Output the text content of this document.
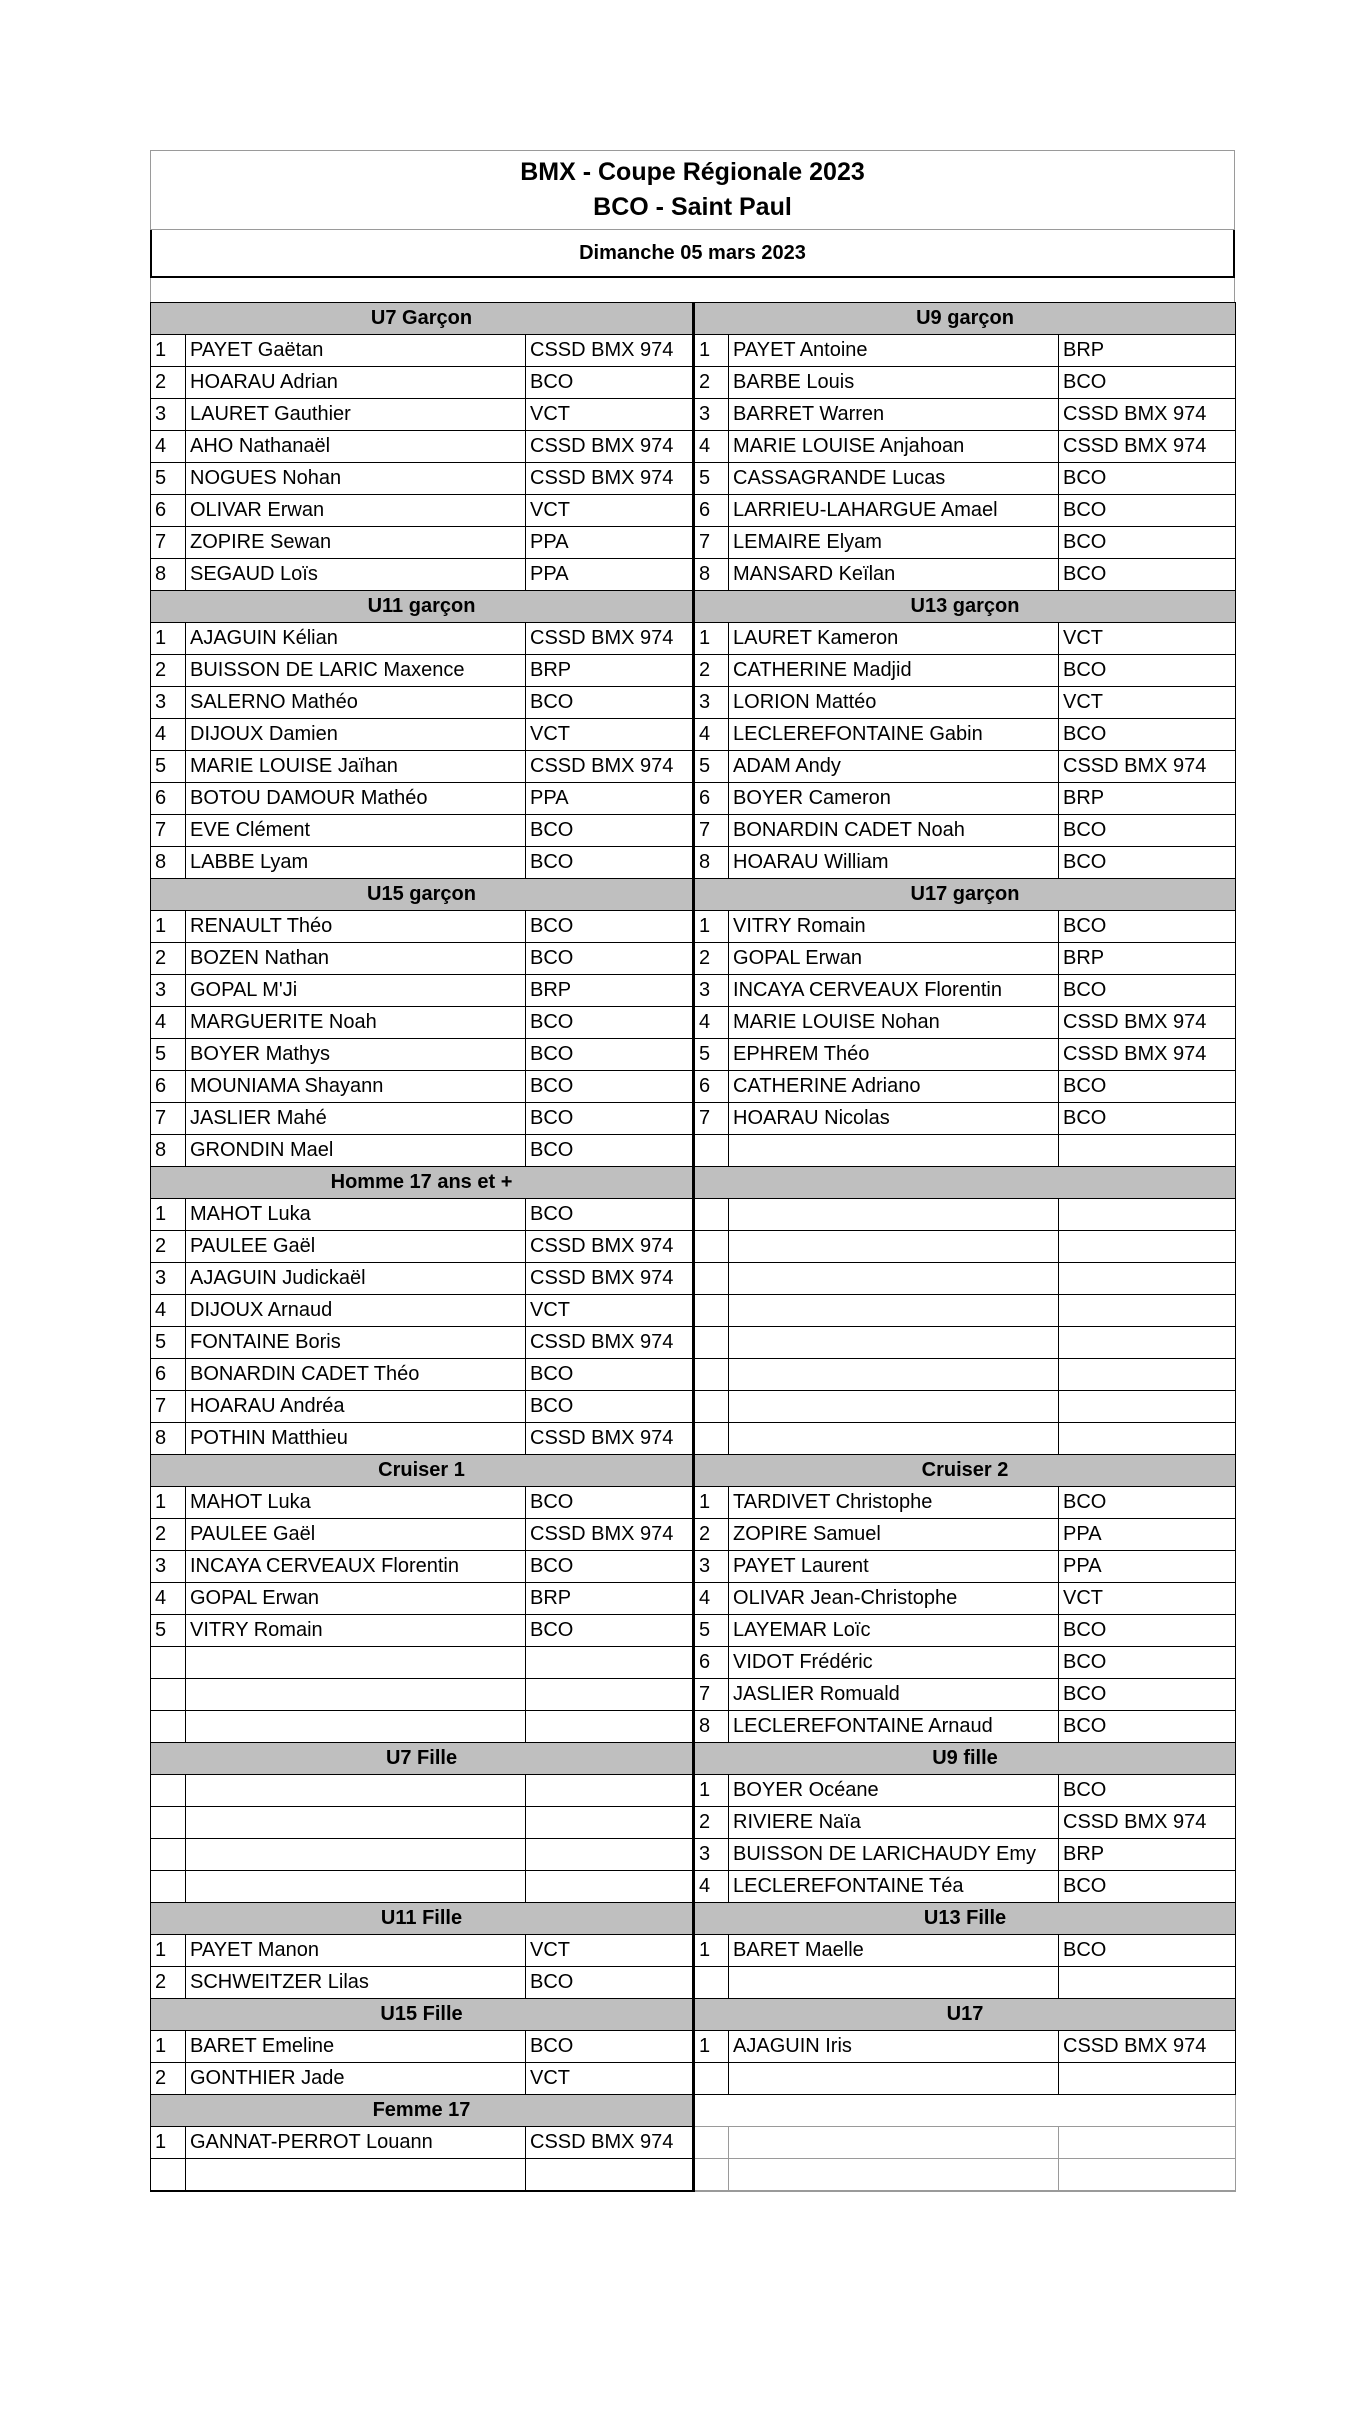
BMX - Coupe Régionale 2023
BCO - Saint Paul
Dimanche 05 mars 2023
U7 Garçon			U9 garçon		
1	PAYET Gaëtan	CSSD BMX 974	1	PAYET Antoine	BRP
2	HOARAU Adrian	BCO	2	BARBE Louis	BCO
3	LAURET Gauthier	VCT	3	BARRET Warren	CSSD BMX 974
4	AHO Nathanaël	CSSD BMX 974	4	MARIE LOUISE Anjahoan	CSSD BMX 974
5	NOGUES Nohan	CSSD BMX 974	5	CASSAGRANDE Lucas	BCO
6	OLIVAR Erwan	VCT	6	LARRIEU-LAHARGUE Amael	BCO
7	ZOPIRE Sewan	PPA	7	LEMAIRE Elyam	BCO
8	SEGAUD Loïs	PPA	8	MANSARD Keïlan	BCO
U11 garçon			U13 garçon		
1	AJAGUIN Kélian	CSSD BMX 974	1	LAURET Kameron	VCT
2	BUISSON DE LARIC Maxence	BRP	2	CATHERINE Madjid	BCO
3	SALERNO Mathéo	BCO	3	LORION Mattéo	VCT
4	DIJOUX Damien	VCT	4	LECLEREFONTAINE Gabin	BCO
5	MARIE LOUISE Jaïhan	CSSD BMX 974	5	ADAM Andy	CSSD BMX 974
6	BOTOU DAMOUR Mathéo	PPA	6	BOYER Cameron	BRP
7	EVE Clément	BCO	7	BONARDIN CADET Noah	BCO
8	LABBE Lyam	BCO	8	HOARAU William	BCO
U15 garçon			U17 garçon		
1	RENAULT Théo	BCO	1	VITRY Romain	BCO
2	BOZEN Nathan	BCO	2	GOPAL Erwan	BRP
3	GOPAL M'Ji	BRP	3	INCAYA CERVEAUX Florentin	BCO
4	MARGUERITE Noah	BCO	4	MARIE LOUISE Nohan	CSSD BMX 974
5	BOYER Mathys	BCO	5	EPHREM Théo	CSSD BMX 974
6	MOUNIAMA Shayann	BCO	6	CATHERINE Adriano	BCO
7	JASLIER Mahé	BCO	7	HOARAU Nicolas	BCO
8	GRONDIN Mael	BCO			
Homme 17 ans et +					
1	MAHOT Luka	BCO			
2	PAULEE Gaël	CSSD BMX 974			
3	AJAGUIN Judickaël	CSSD BMX 974			
4	DIJOUX Arnaud	VCT			
5	FONTAINE Boris	CSSD BMX 974			
6	BONARDIN CADET Théo	BCO			
7	HOARAU Andréa	BCO			
8	POTHIN Matthieu	CSSD BMX 974			
Cruiser 1			Cruiser 2		
1	MAHOT Luka	BCO	1	TARDIVET Christophe	BCO
2	PAULEE Gaël	CSSD BMX 974	2	ZOPIRE Samuel	PPA
3	INCAYA CERVEAUX Florentin	BCO	3	PAYET Laurent	PPA
4	GOPAL Erwan	BRP	4	OLIVAR Jean-Christophe	VCT
5	VITRY Romain	BCO	5	LAYEMAR Loïc	BCO
			6	VIDOT Frédéric	BCO
			7	JASLIER Romuald	BCO
			8	LECLEREFONTAINE Arnaud	BCO
U7 Fille			U9 fille		
			1	BOYER Océane	BCO
			2	RIVIERE Naïa	CSSD BMX 974
			3	BUISSON DE LARICHAUDY Emy	BRP
			4	LECLEREFONTAINE Téa	BCO
U11 Fille			U13 Fille		
1	PAYET Manon	VCT	1	BARET Maelle	BCO
2	SCHWEITZER Lilas	BCO			
U15 Fille			U17		
1	BARET Emeline	BCO	1	AJAGUIN Iris	CSSD BMX 974
2	GONTHIER Jade	VCT			
Femme 17					
1	GANNAT-PERROT Louann	CSSD BMX 974			
